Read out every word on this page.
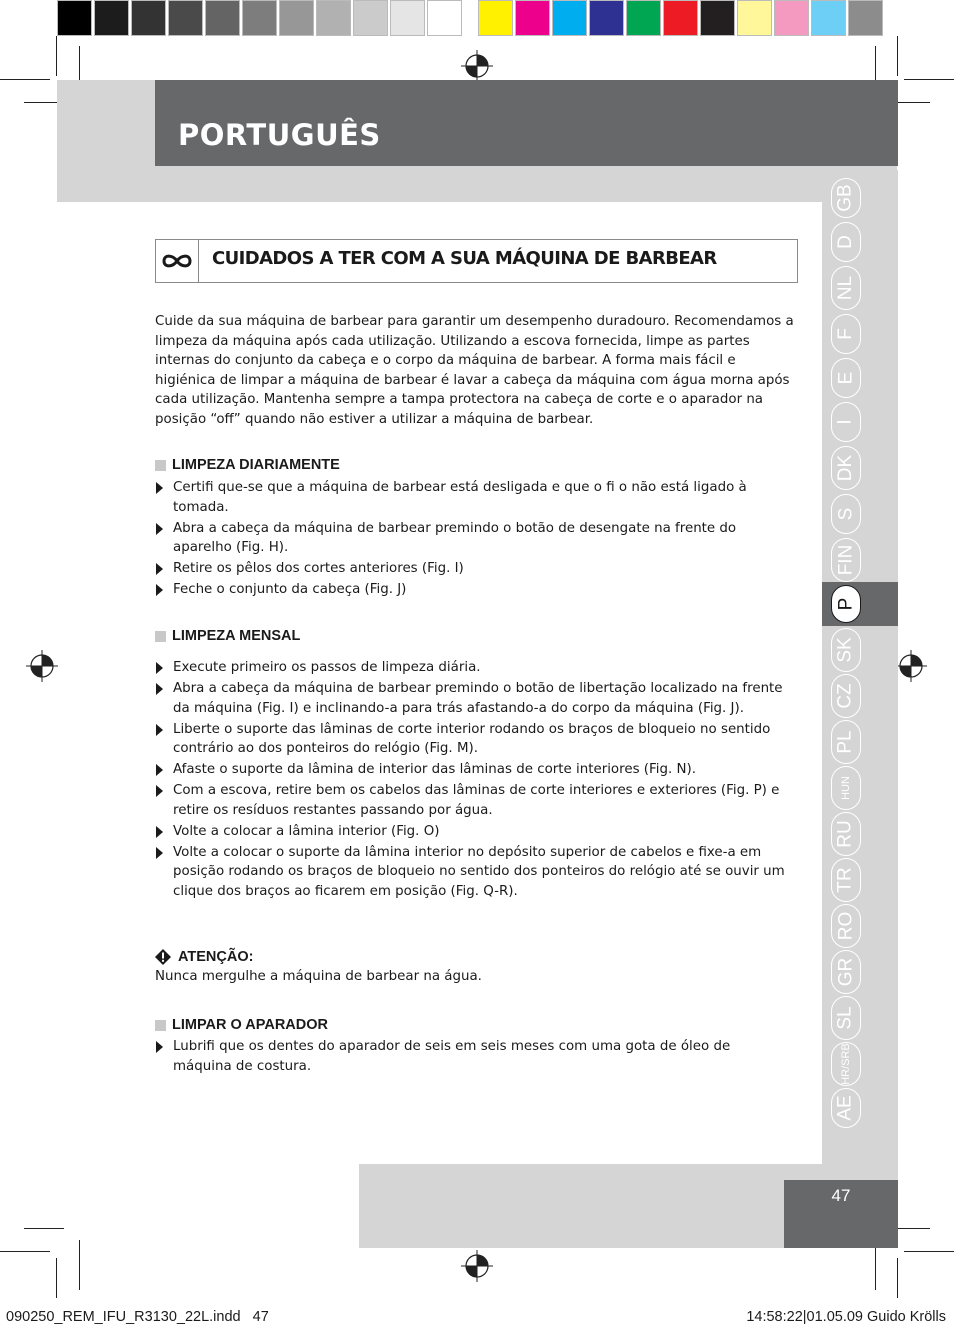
PORTUGUÊS
GB
D
NL
F
E
I
DK
S
FIN
P
SK
CZ
PL
HUN
RU
TR
RO
GR
SL
HR/SRB
AE
CUIDADOS A TER COM A SUA MÁQUINA DE BARBEAR

Cuide da sua máquina de barbear para garantir um desempenho duradouro. Recomendamos a limpeza da máquina após cada utilização. Utilizando a escova fornecida, limpe as partes internas do conjunto da cabeça e o corpo da máquina de barbear. A forma mais fácil e higiénica de limpar a máquina de barbear é lavar a cabeça da máquina com água morna após cada utilização. Mantenha sempre a tampa protectora na cabeça de corte e o aparador na posição “off” quando não estiver a utilizar a máquina de barbear.

LIMPEZA DIARIAMENTE
Certifi que-se que a máquina de barbear está desligada e que o fi o não está ligado à tomada.
Abra a cabeça da máquina de barbear premindo o botão de desengate na frente do aparelho (Fig. H).
Retire os pêlos dos cortes anteriores (Fig. I)
Feche o conjunto da cabeça (Fig. J)
LIMPEZA MENSAL
Execute primeiro os passos de limpeza diária.
Abra a cabeça da máquina de barbear premindo o botão de libertação localizado na frente da máquina (Fig. I) e inclinando-a para trás afastando-a do corpo da máquina (Fig. J).
Liberte o suporte das lâminas de corte interior rodando os braços de bloqueio no sentido contrário ao dos ponteiros do relógio (Fig. M).
Afaste o suporte da lâmina de interior das lâminas de corte interiores (Fig. N).
Com a escova, retire bem os cabelos das lâminas de corte interiores e exteriores (Fig. P) e retire os resíduos restantes passando por água.
Volte a colocar a lâmina interior (Fig. O)
Volte a colocar o suporte da lâmina interior no depósito superior de cabelos e fixe-a em posição rodando os braços de bloqueio no sentido dos ponteiros do relógio até se ouvir um clique dos braços ao ficarem em posição (Fig. Q-R).
ATENÇÃO:
Nunca mergulhe a máquina de barbear na água.
LIMPAR O APARADOR
Lubrifi que os dentes do aparador de seis em seis meses com uma gota de óleo de máquina de costura.
47
090250_REM_IFU_R3130_22L.indd   47	14:58:22|01.05.09 Guido Krölls
